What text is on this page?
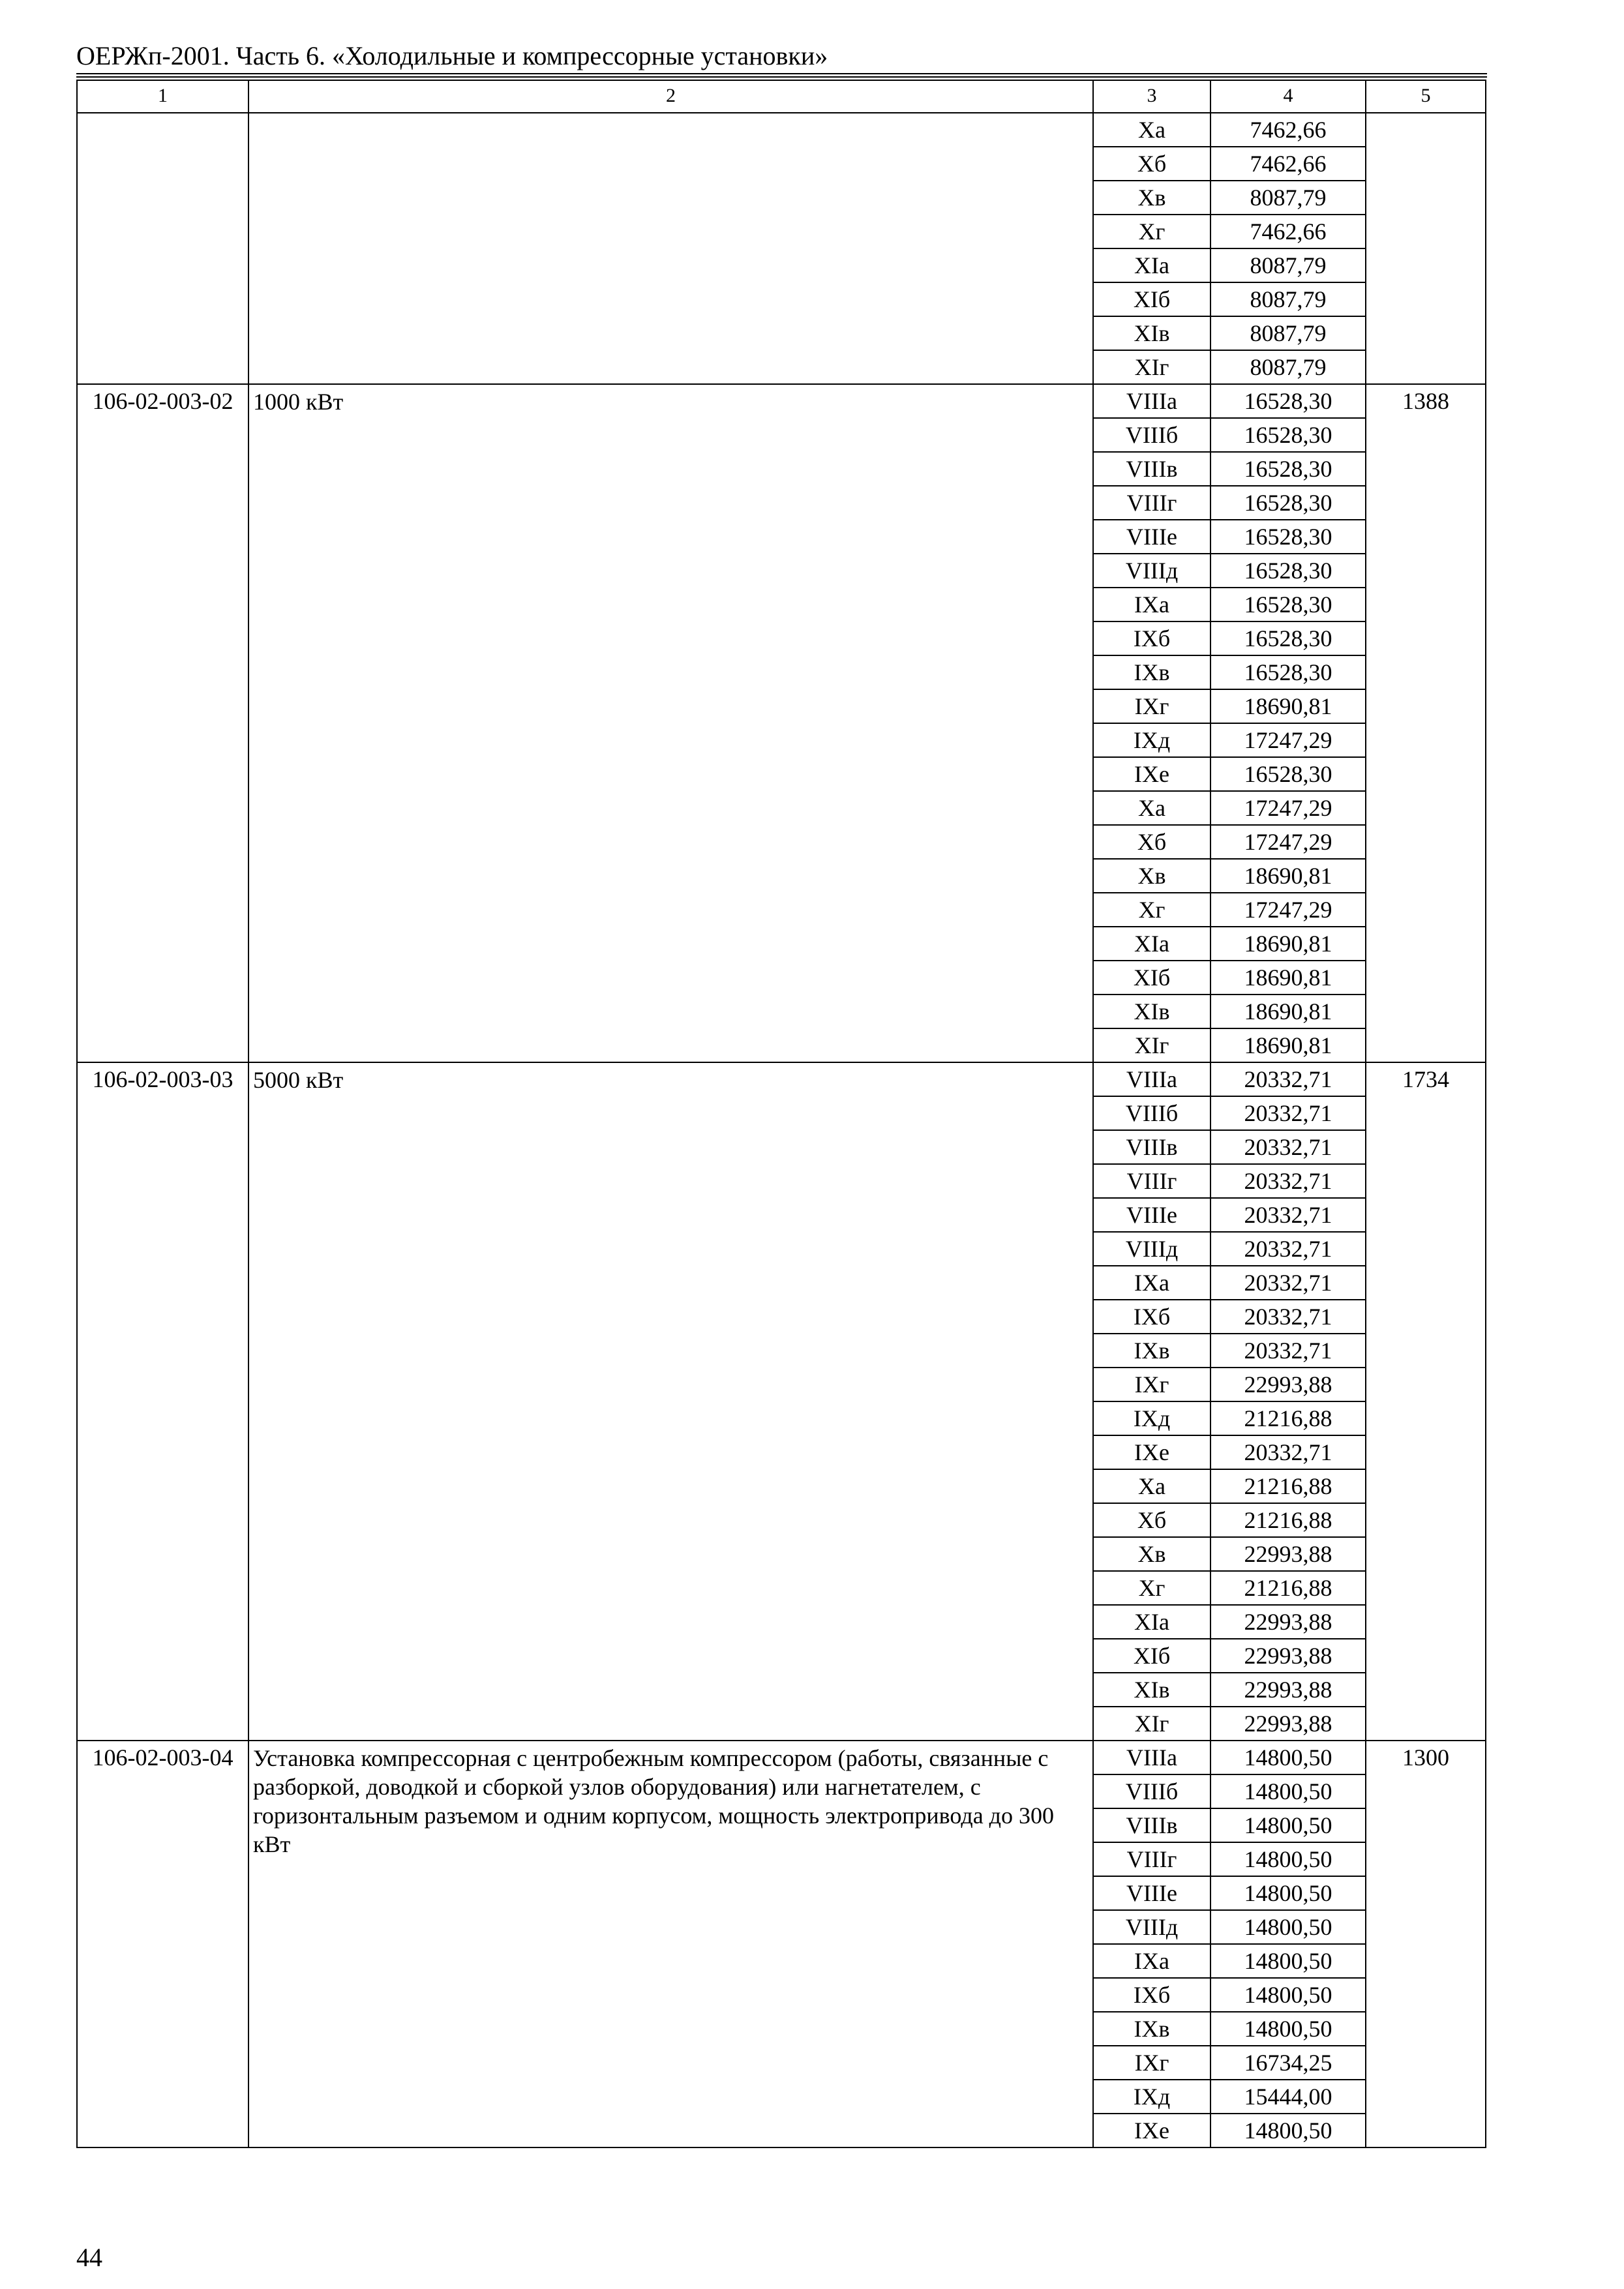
ОЕРЖп-2001. Часть 6. «Холодильные и компрессорные установки»
1	2	3	4	5
		Ха	7462,66	
		Хб	7462,66	
		Хв	8087,79	
		Хг	7462,66	
		ХIа	8087,79	
		ХIб	8087,79	
		ХIв	8087,79	
		ХIг	8087,79	
106-02-003-02	1000 кВт	VIIIа	16528,30	1388
		VIIIб	16528,30	
		VIIIв	16528,30	
		VIIIг	16528,30	
		VIIIе	16528,30	
		VIIIд	16528,30	
		IХа	16528,30	
		IХб	16528,30	
		IХв	16528,30	
		IХг	18690,81	
		IХд	17247,29	
		IХе	16528,30	
		Ха	17247,29	
		Хб	17247,29	
		Хв	18690,81	
		Хг	17247,29	
		ХIа	18690,81	
		ХIб	18690,81	
		ХIв	18690,81	
		ХIг	18690,81	
106-02-003-03	5000 кВт	VIIIа	20332,71	1734
		VIIIб	20332,71	
		VIIIв	20332,71	
		VIIIг	20332,71	
		VIIIе	20332,71	
		VIIIд	20332,71	
		IХа	20332,71	
		IХб	20332,71	
		IХв	20332,71	
		IХг	22993,88	
		IХд	21216,88	
		IХе	20332,71	
		Ха	21216,88	
		Хб	21216,88	
		Хв	22993,88	
		Хг	21216,88	
		ХIа	22993,88	
		ХIб	22993,88	
		ХIв	22993,88	
		ХIг	22993,88	
106-02-003-04	Установка компрессорная с центробежным компрессором (работы, связанные с разборкой, доводкой и сборкой узлов оборудования) или нагнетателем, с горизонтальным разъемом и одним корпусом, мощность электропривода до 300 кВт	VIIIа	14800,50	1300
		VIIIб	14800,50	
		VIIIв	14800,50	
		VIIIг	14800,50	
		VIIIе	14800,50	
		VIIIд	14800,50	
		IХа	14800,50	
		IХб	14800,50	
		IХв	14800,50	
		IХг	16734,25	
		IХд	15444,00	
		IХе	14800,50	
44
